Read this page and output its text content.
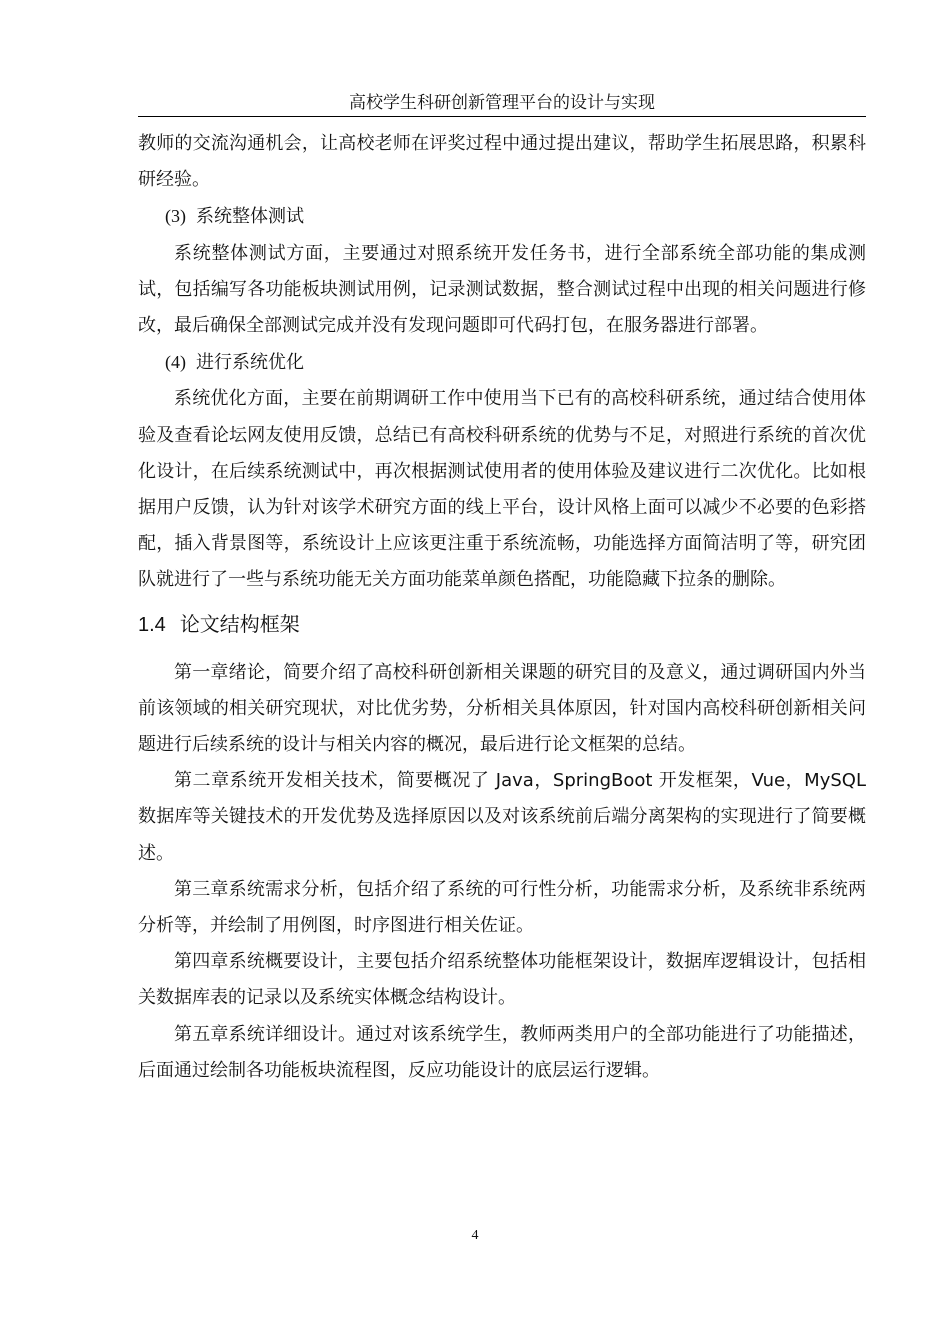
高校学生科研创新管理平台的设计与实现

教师的交流沟通机会，让高校老师在评奖过程中通过提出建议，帮助学生拓展思路，积累科研经验。

(3) 系统整体测试

系统整体测试方面，主要通过对照系统开发任务书，进行全部系统全部功能的集成测试，包括编写各功能板块测试用例，记录测试数据，整合测试过程中出现的相关问题进行修改，最后确保全部测试完成并没有发现问题即可代码打包，在服务器进行部署。

(4) 进行系统优化

系统优化方面，主要在前期调研工作中使用当下已有的高校科研系统，通过结合使用体验及查看论坛网友使用反馈，总结已有高校科研系统的优势与不足，对照进行系统的首次优化设计，在后续系统测试中，再次根据测试使用者的使用体验及建议进行二次优化。比如根据用户反馈，认为针对该学术研究方面的线上平台，设计风格上面可以减少不必要的色彩搭配，插入背景图等，系统设计上应该更注重于系统流畅，功能选择方面简洁明了等，研究团队就进行了一些与系统功能无关方面功能菜单颜色搭配，功能隐藏下拉条的删除。

1.4 论文结构框架

第一章绪论，简要介绍了高校科研创新相关课题的研究目的及意义，通过调研国内外当前该领域的相关研究现状，对比优劣势，分析相关具体原因，针对国内高校科研创新相关问题进行后续系统的设计与相关内容的概况，最后进行论文框架的总结。

第二章系统开发相关技术，简要概况了 Java，SpringBoot 开发框架，Vue，MySQL 数据库等关键技术的开发优势及选择原因以及对该系统前后端分离架构的实现进行了简要概述。

第三章系统需求分析，包括介绍了系统的可行性分析，功能需求分析，及系统非系统两分析等，并绘制了用例图，时序图进行相关佐证。

第四章系统概要设计，主要包括介绍系统整体功能框架设计，数据库逻辑设计，包括相关数据库表的记录以及系统实体概念结构设计。

第五章系统详细设计。通过对该系统学生，教师两类用户的全部功能进行了功能描述，后面通过绘制各功能板块流程图，反应功能设计的底层运行逻辑。

4
